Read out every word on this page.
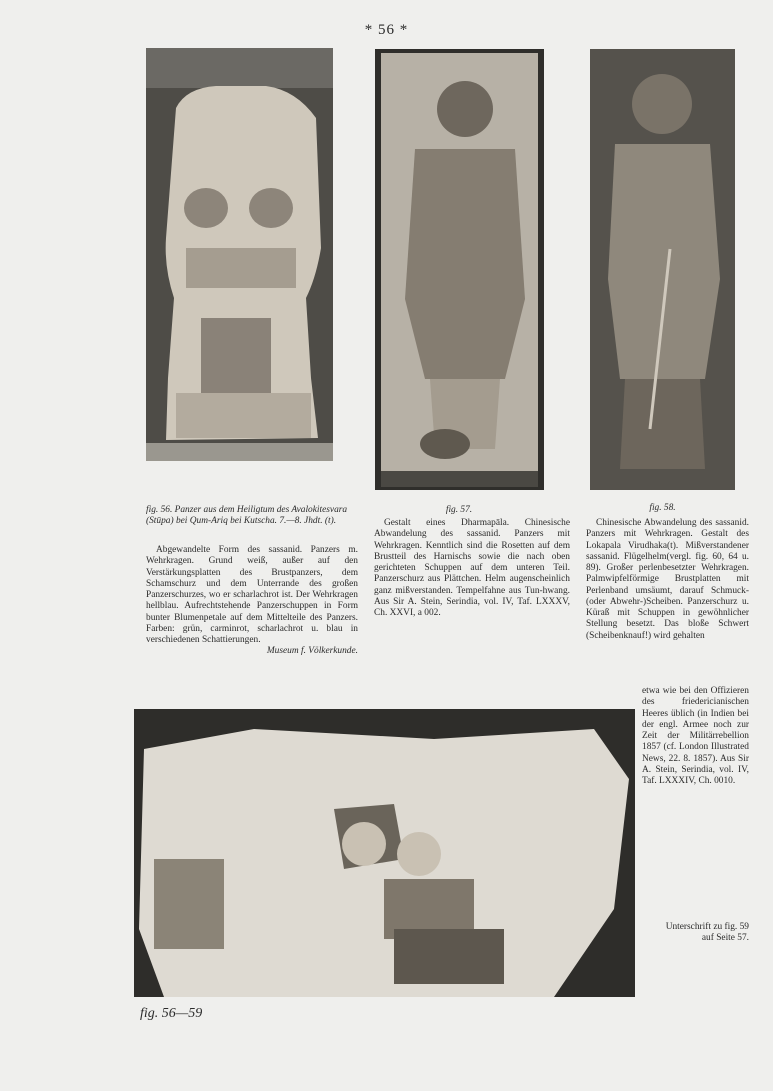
* 56 *
fig. 56. Panzer aus dem Heiligtum des Avalokitesvara (Stūpa) bei Qum-Ariq bei Kutscha. 7.—8. Jhdt. (t).

Abgewandelte Form des sassanid. Panzers m. Wehrkragen. Grund weiß, außer auf den Verstärkungsplatten des Brustpanzers, dem Schamschurz und dem Unterrande des großen Panzerschurzes, wo er scharlachrot ist. Der Wehrkragen hellblau. Aufrechtstehende Panzerschuppen in Form bunter Blumenpetale auf dem Mittelteile des Panzers. Farben: grün, carminrot, scharlachrot u. blau in verschiedenen Schattierungen.

Museum f. Völkerkunde.
fig. 57.

Gestalt eines Dharmapāla. Chinesische Abwandelung des sassanid. Panzers mit Wehrkragen. Kenntlich sind die Rosetten auf dem Brustteil des Harnischs sowie die nach oben gerichteten Schuppen auf dem unteren Teil. Panzerschurz aus Plättchen. Helm augenscheinlich ganz mißverstanden. Tempelfahne aus Tun-hwang. Aus Sir A. Stein, Serindia, vol. IV, Taf. LXXXV, Ch. XXVI, a 002.

fig. 58.

Chinesische Abwandelung des sassanid. Panzers mit Wehrkragen. Gestalt des Lokapala Virudhaka(t). Mißverstandener sassanid. Flügelhelm(vergl. fig. 60, 64 u. 89). Großer perlenbesetzter Wehrkragen. Palmwipfelförmige Brustplatten mit Perlenband umsäumt, darauf Schmuck-(oder Abwehr-)Scheiben. Panzerschurz u. Küraß mit Schuppen in gewöhnlicher Stellung besetzt. Das bloße Schwert (Scheibenknauf!) wird gehalten

etwa wie bei den Offizieren des friedericianischen Heeres üblich (in Indien bei der engl. Armee noch zur Zeit der Militärrebellion 1857 (cf. London Illustrated News, 22. 8. 1857). Aus Sir A. Stein, Serindia, vol. IV, Taf. LXXXIV, Ch. 0010.

Unterschrift zu fig. 59 auf Seite 57.
fig. 56—59
